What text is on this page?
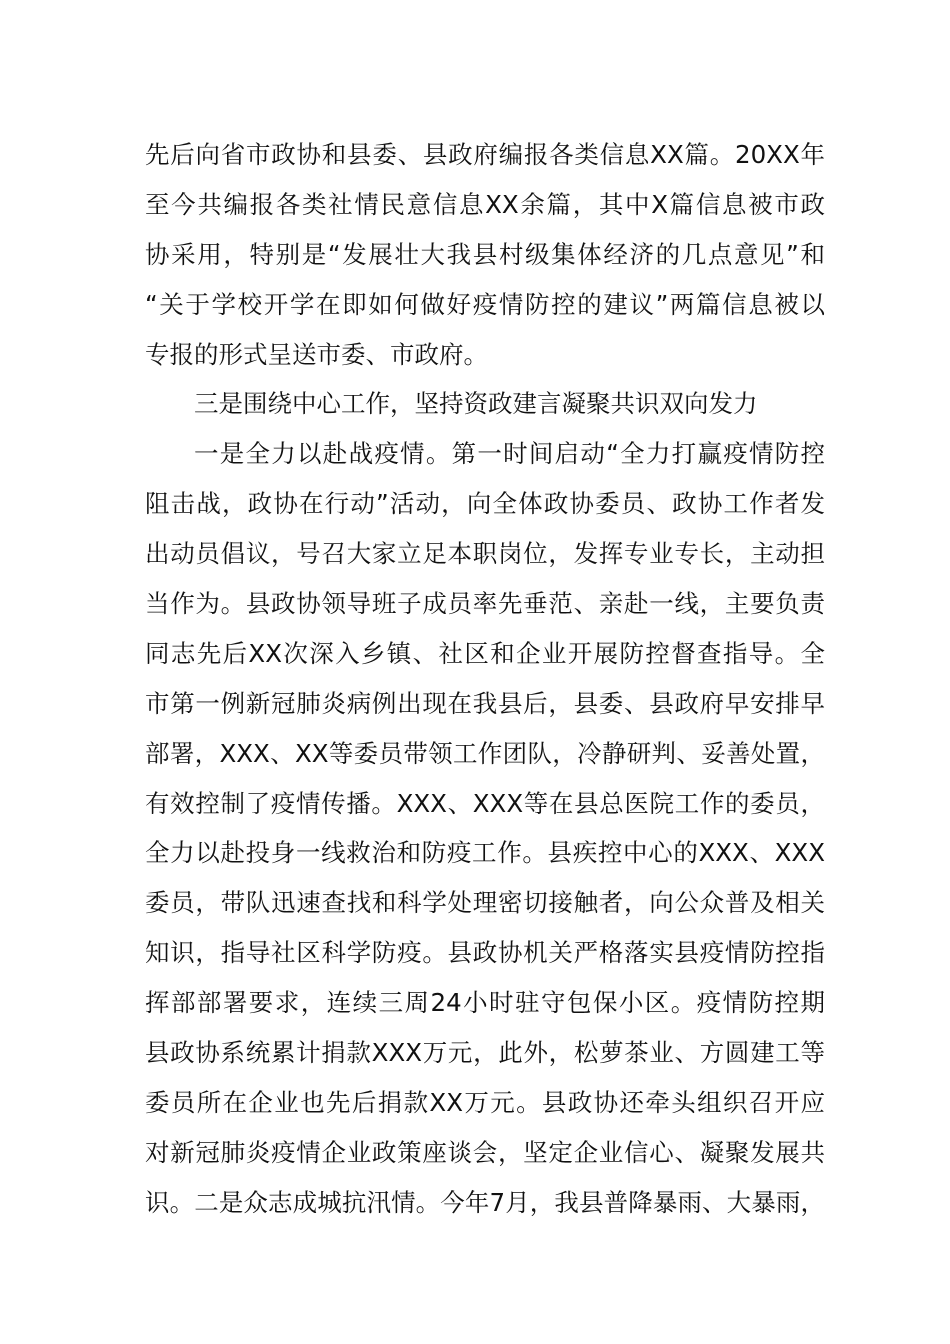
先后向省市政协和县委、县政府编报各类信息XX篇。20XX年
至今共编报各类社情民意信息XX余篇，其中X篇信息被市政
协采用，特别是“发展壮大我县村级集体经济的几点意见”和
“关于学校开学在即如何做好疫情防控的建议”两篇信息被以
专报的形式呈送市委、市政府。
三是围绕中心工作，坚持资政建言凝聚共识双向发力
一是全力以赴战疫情。第一时间启动“全力打赢疫情防控
阻击战，政协在行动”活动，向全体政协委员、政协工作者发
出动员倡议，号召大家立足本职岗位，发挥专业专长，主动担
当作为。县政协领导班子成员率先垂范、亲赴一线，主要负责
同志先后XX次深入乡镇、社区和企业开展防控督查指导。全
市第一例新冠肺炎病例出现在我县后，县委、县政府早安排早
部署，XXX、XX等委员带领工作团队，冷静研判、妥善处置，
有效控制了疫情传播。XXX、XXX等在县总医院工作的委员，
全力以赴投身一线救治和防疫工作。县疾控中心的XXX、XXX
委员，带队迅速查找和科学处理密切接触者，向公众普及相关
知识，指导社区科学防疫。县政协机关严格落实县疫情防控指
挥部部署要求，连续三周24小时驻守包保小区。疫情防控期
县政协系统累计捐款XXX万元，此外，松萝茶业、方圆建工等
委员所在企业也先后捐款XX万元。县政协还牵头组织召开应
对新冠肺炎疫情企业政策座谈会，坚定企业信心、凝聚发展共
识。二是众志成城抗汛情。今年7月，我县普降暴雨、大暴雨，
